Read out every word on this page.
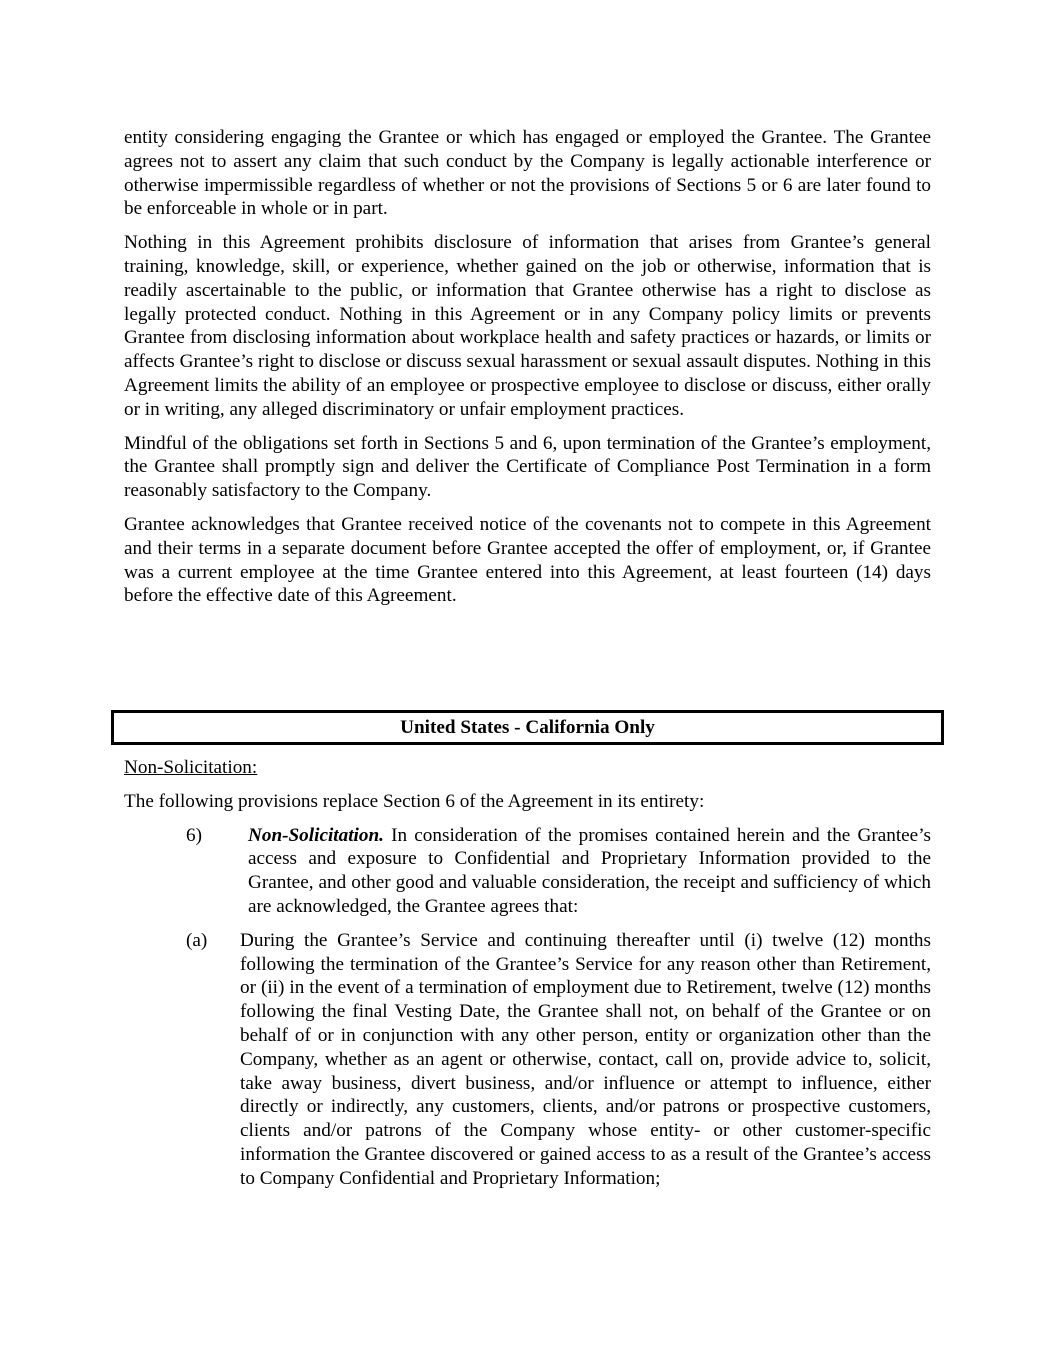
entity considering engaging the Grantee or which has engaged or employed the Grantee. The Grantee agrees not to assert any claim that such conduct by the Company is legally actionable interference or otherwise impermissible regardless of whether or not the provisions of Sections 5 or 6 are later found to be enforceable in whole or in part.

Nothing in this Agreement prohibits disclosure of information that arises from Grantee’s general training, knowledge, skill, or experience, whether gained on the job or otherwise, information that is readily ascertainable to the public, or information that Grantee otherwise has a right to disclose as legally protected conduct. Nothing in this Agreement or in any Company policy limits or prevents Grantee from disclosing information about workplace health and safety practices or hazards, or limits or affects Grantee’s right to disclose or discuss sexual harassment or sexual assault disputes. Nothing in this Agreement limits the ability of an employee or prospective employee to disclose or discuss, either orally or in writing, any alleged discriminatory or unfair employment practices.

Mindful of the obligations set forth in Sections 5 and 6, upon termination of the Grantee’s employment, the Grantee shall promptly sign and deliver the Certificate of Compliance Post Termination in a form reasonably satisfactory to the Company.

Grantee acknowledges that Grantee received notice of the covenants not to compete in this Agreement and their terms in a separate document before Grantee accepted the offer of employment, or, if Grantee was a current employee at the time Grantee entered into this Agreement, at least fourteen (14) days before the effective date of this Agreement.

United States - California Only

Non-Solicitation:

The following provisions replace Section 6 of the Agreement in its entirety:

6)	Non-Solicitation. In consideration of the promises contained herein and the Grantee’s access and exposure to Confidential and Proprietary Information provided to the Grantee, and other good and valuable consideration, the receipt and sufficiency of which are acknowledged, the Grantee agrees that:
(a)	During the Grantee’s Service and continuing thereafter until (i) twelve (12) months following the termination of the Grantee’s Service for any reason other than Retirement, or (ii) in the event of a termination of employment due to Retirement, twelve (12) months following the final Vesting Date, the Grantee shall not, on behalf of the Grantee or on behalf of or in conjunction with any other person, entity or organization other than the Company, whether as an agent or otherwise, contact, call on, provide advice to, solicit, take away business, divert business, and/or influence or attempt to influence, either directly or indirectly, any customers, clients, and/or patrons or prospective customers, clients and/or patrons of the Company whose entity- or other customer-specific information the Grantee discovered or gained access to as a result of the Grantee’s access to Company Confidential and Proprietary Information;
